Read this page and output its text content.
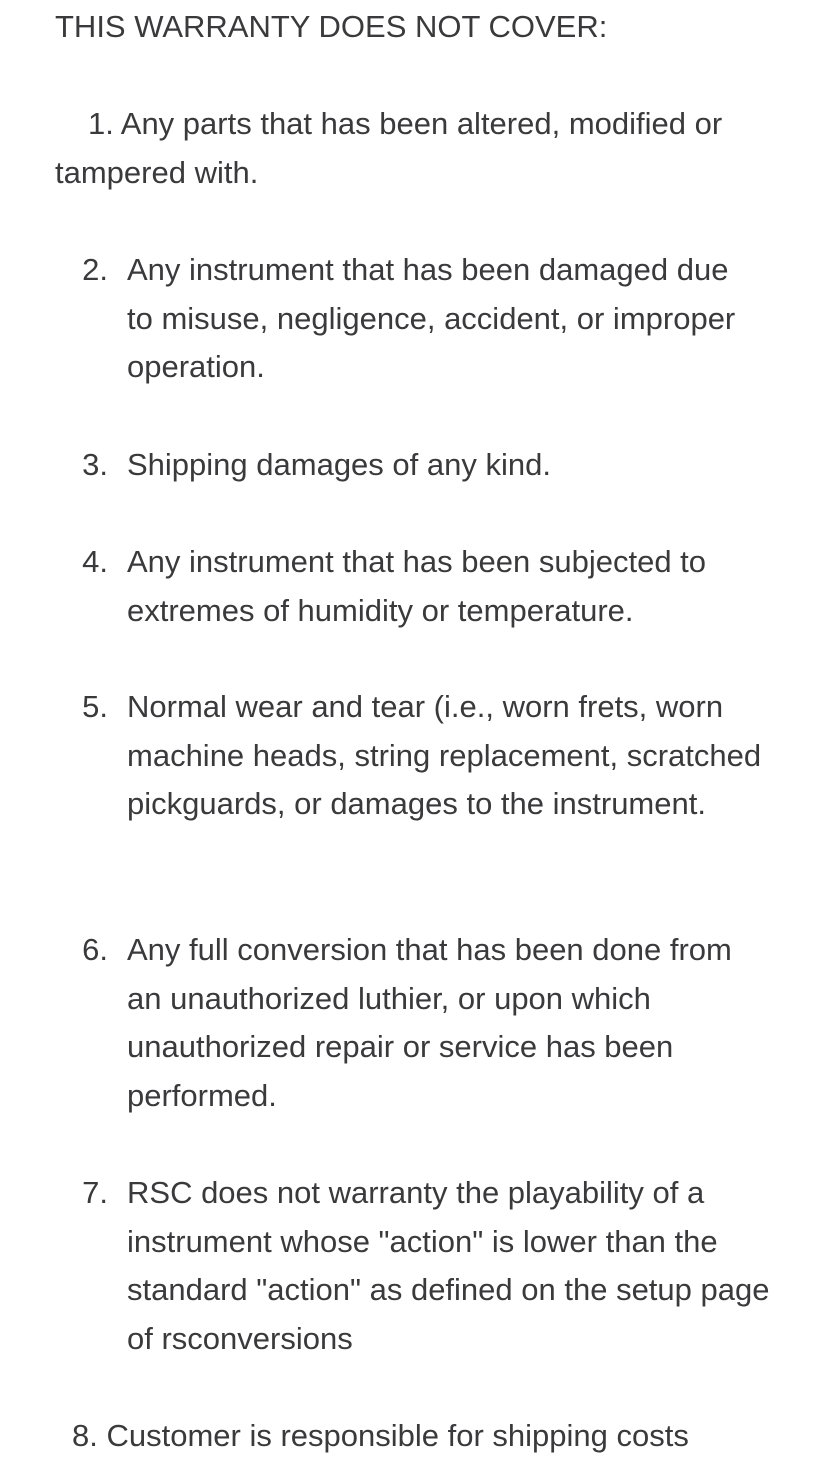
THIS WARRANTY DOES NOT COVER:
1. Any parts that has been altered, modified or tampered with.
2. Any instrument that has been damaged due to misuse, negligence, accident, or improper operation.
3. Shipping damages of any kind.
4. Any instrument that has been subjected to extremes of humidity or temperature.
5. Normal wear and tear (i.e., worn frets, worn machine heads, string replacement, scratched pickguards, or damages to the instrument.
6. Any full conversion that has been done from an unauthorized luthier, or upon which unauthorized repair or service has been performed.
7. RSC does not warranty the playability of a instrument whose "action" is lower than the standard "action" as defined on the setup page of rsconversions
8. Customer is responsible for shipping costs
